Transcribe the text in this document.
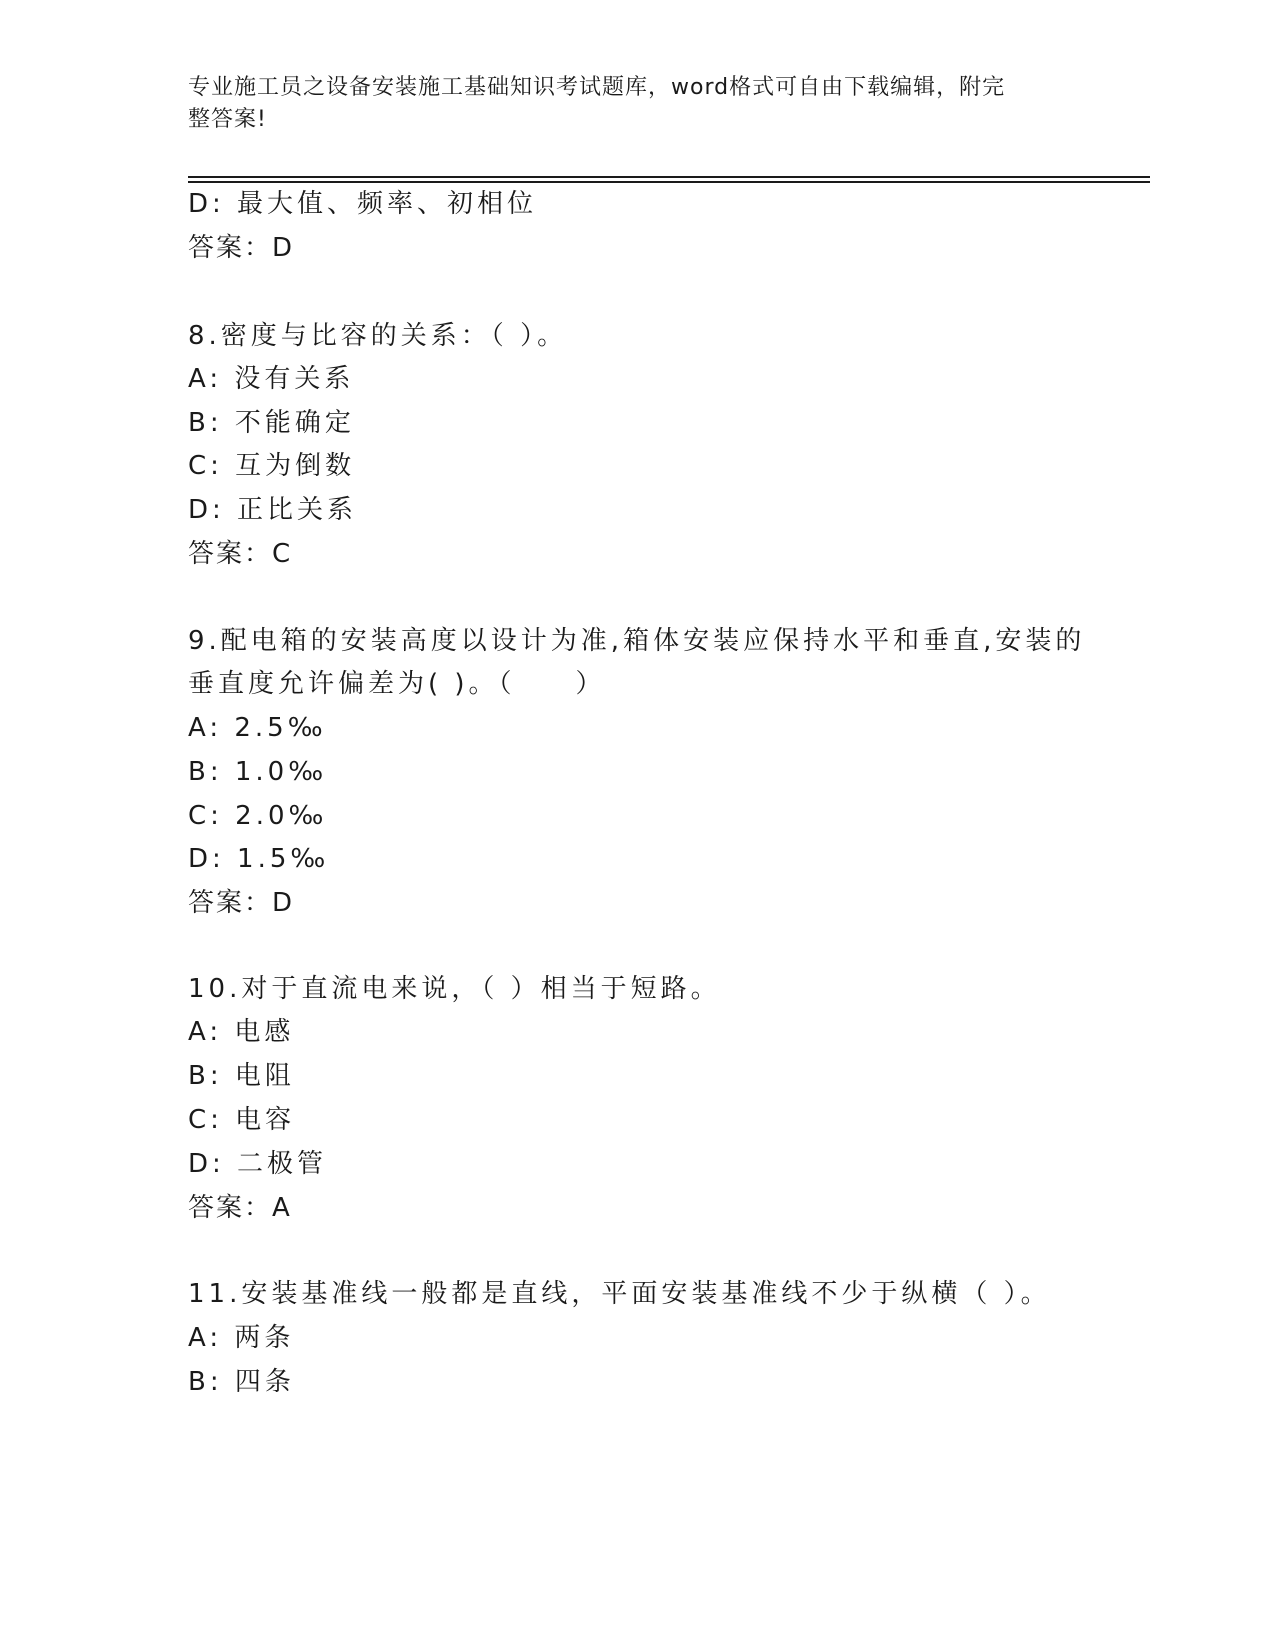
专业施工员之设备安装施工基础知识考试题库，word格式可自由下载编辑，附完
整答案!
D: 最大值、频率、初相位
答案：D
8.密度与比容的关系：（ ）。
A: 没有关系
B: 不能确定
C: 互为倒数
D: 正比关系
答案：C
9.配电箱的安装高度以设计为准,箱体安装应保持水平和垂直,安装的
垂直度允许偏差为( )。（　　）
A: 2.5‰
B: 1.0‰
C: 2.0‰
D: 1.5‰
答案：D
10.对于直流电来说，（ ）相当于短路。
A: 电感
B: 电阻
C: 电容
D: 二极管
答案：A
11.安装基准线一般都是直线，平面安装基准线不少于纵横（ ）。
A: 两条
B: 四条
